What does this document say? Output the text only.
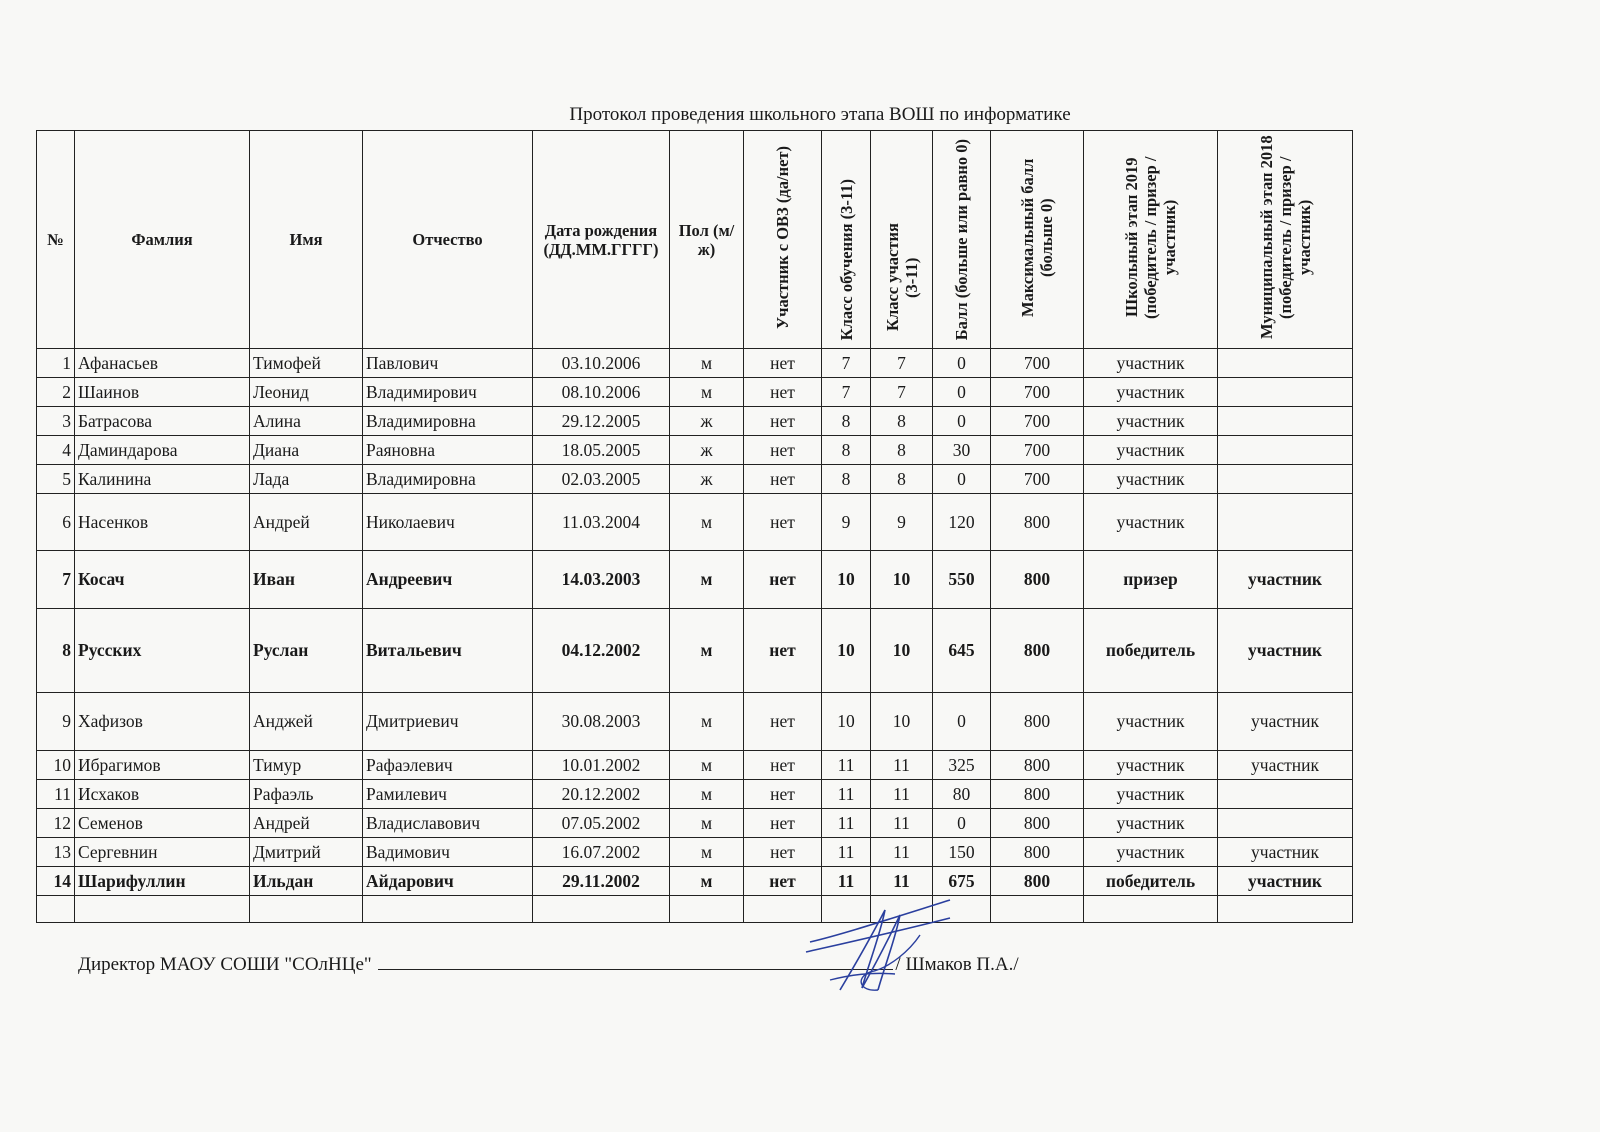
Протокол проведения школьного этапа ВОШ по информатике
№	Фамлия	Имя	Отчество	Дата рождения (ДД.ММ.ГГГГ)	Пол (м/ж)	Участник с ОВЗ (да/нет)	Класс обучения (3-11)	Класс участия (3-11)	Балл (больше или равно 0)	Максимальный балл (больше 0)	Школьный этап 2019 (победитель / призер / участник)	Муниципальный этап 2018 (победитель / призер / участник)
1	Афанасьев	Тимофей	Павлович	03.10.2006	м	нет	7	7	0	700	участник	
2	Шаинов	Леонид	Владимирович	08.10.2006	м	нет	7	7	0	700	участник	
3	Батрасова	Алина	Владимировна	29.12.2005	ж	нет	8	8	0	700	участник	
4	Даминдарова	Диана	Раяновна	18.05.2005	ж	нет	8	8	30	700	участник	
5	Калинина	Лада	Владимировна	02.03.2005	ж	нет	8	8	0	700	участник	
6	Насенков	Андрей	Николаевич	11.03.2004	м	нет	9	9	120	800	участник	
7	Косач	Иван	Андреевич	14.03.2003	м	нет	10	10	550	800	призер	участник
8	Русских	Руслан	Витальевич	04.12.2002	м	нет	10	10	645	800	победитель	участник
9	Хафизов	Анджей	Дмитриевич	30.08.2003	м	нет	10	10	0	800	участник	участник
10	Ибрагимов	Тимур	Рафаэлевич	10.01.2002	м	нет	11	11	325	800	участник	участник
11	Исхаков	Рафаэль	Рамилевич	20.12.2002	м	нет	11	11	80	800	участник	
12	Семенов	Андрей	Владиславович	07.05.2002	м	нет	11	11	0	800	участник	
13	Сергевнин	Дмитрий	Вадимович	16.07.2002	м	нет	11	11	150	800	участник	участник
14	Шарифуллин	Ильдан	Айдарович	29.11.2002	м	нет	11	11	675	800	победитель	участник

Директор МАОУ СОШИ "СОлНЦе"	/ Шмаков П.А./
